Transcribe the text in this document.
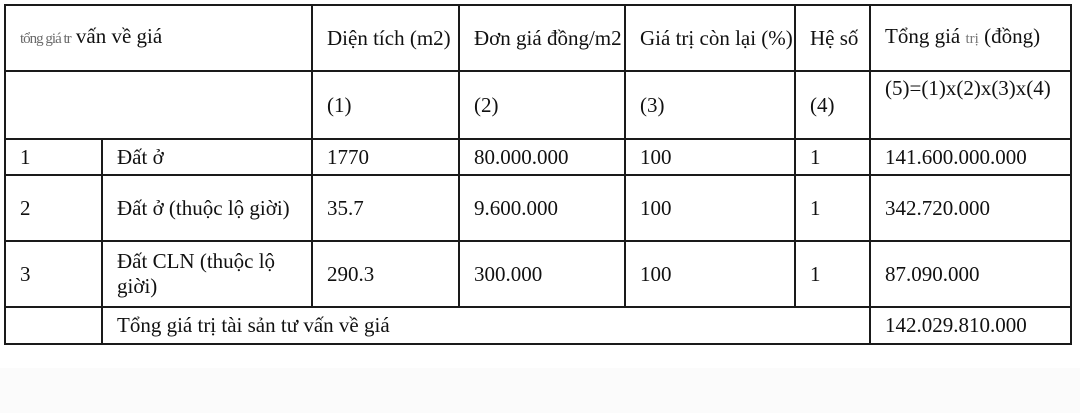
tổng giá tr vấn về giá		Diện tích (m2)	Đơn giá đồng/m2	Giá trị còn lại (%)	Hệ số	Tổng giá trị (đồng)
		(1)	(2)	(3)	(4)	(5)=(1)x(2)x(3)x(4)
1	Đất ở	1770	80.000.000	100	1	141.600.000.000
2	Đất ở (thuộc lộ giời)	35.7	9.600.000	100	1	342.720.000
3	Đất CLN (thuộc lộ giời)	290.3	300.000	100	1	87.090.000
	Tổng giá trị tài sản tư vấn về giá					142.029.810.000
